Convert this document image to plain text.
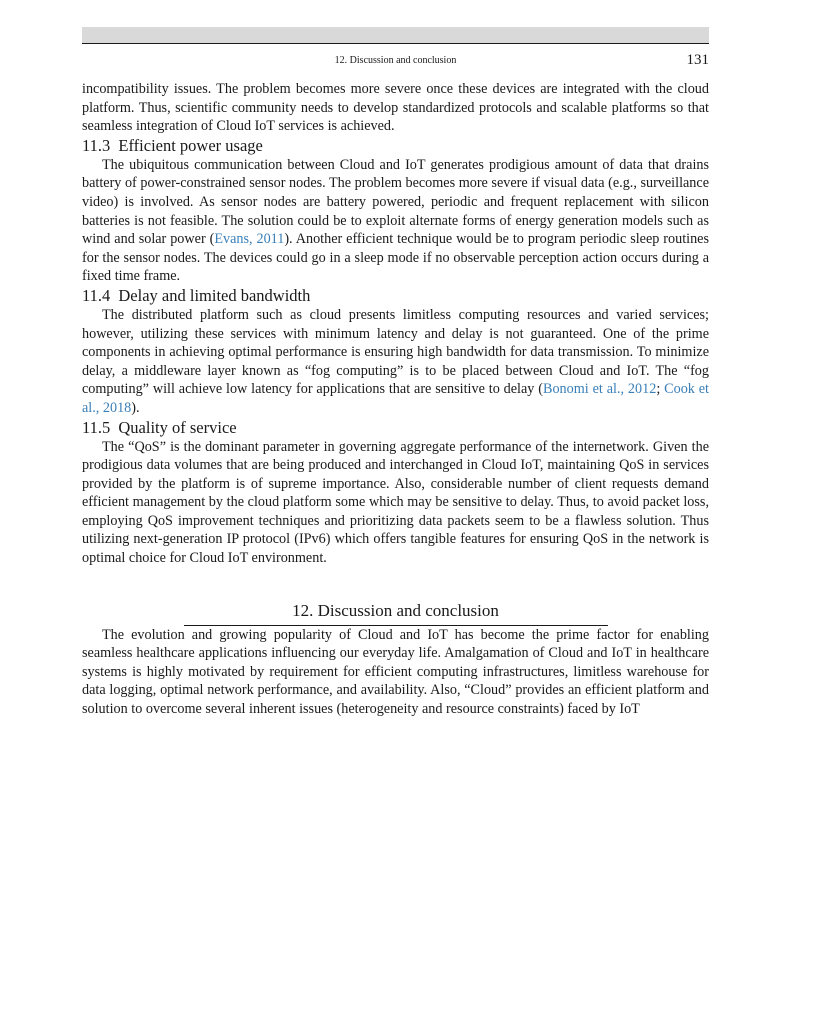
12. Discussion and conclusion	131

incompatibility issues. The problem becomes more severe once these devices are integrated with the cloud platform. Thus, scientific community needs to develop standardized protocols and scalable platforms so that seamless integration of Cloud IoT services is achieved.

11.3 Efficient power usage

The ubiquitous communication between Cloud and IoT generates prodigious amount of data that drains battery of power-constrained sensor nodes. The problem becomes more severe if visual data (e.g., surveillance video) is involved. As sensor nodes are battery powered, periodic and frequent replacement with silicon batteries is not feasible. The solution could be to exploit alternate forms of energy generation models such as wind and solar power (Evans, 2011). Another efficient technique would be to program periodic sleep routines for the sensor nodes. The devices could go in a sleep mode if no observable perception action occurs during a fixed time frame.

11.4 Delay and limited bandwidth

The distributed platform such as cloud presents limitless computing resources and varied services; however, utilizing these services with minimum latency and delay is not guaranteed. One of the prime components in achieving optimal performance is ensuring high bandwidth for data transmission. To minimize delay, a middleware layer known as “fog computing” is to be placed between Cloud and IoT. The “fog computing” will achieve low latency for applications that are sensitive to delay (Bonomi et al., 2012; Cook et al., 2018).

11.5 Quality of service

The “QoS” is the dominant parameter in governing aggregate performance of the internetwork. Given the prodigious data volumes that are being produced and interchanged in Cloud IoT, maintaining QoS in services provided by the platform is of supreme importance. Also, considerable number of client requests demand efficient management by the cloud platform some which may be sensitive to delay. Thus, to avoid packet loss, employing QoS improvement techniques and prioritizing data packets seem to be a flawless solution. Thus utilizing next-generation IP protocol (IPv6) which offers tangible features for ensuring QoS in the network is optimal choice for Cloud IoT environment.

12. Discussion and conclusion

The evolution and growing popularity of Cloud and IoT has become the prime factor for enabling seamless healthcare applications influencing our everyday life. Amalgamation of Cloud and IoT in healthcare systems is highly motivated by requirement for efficient computing infrastructures, limitless warehouse for data logging, optimal network performance, and availability. Also, “Cloud” provides an efficient platform and solution to overcome several inherent issues (heterogeneity and resource constraints) faced by IoT
